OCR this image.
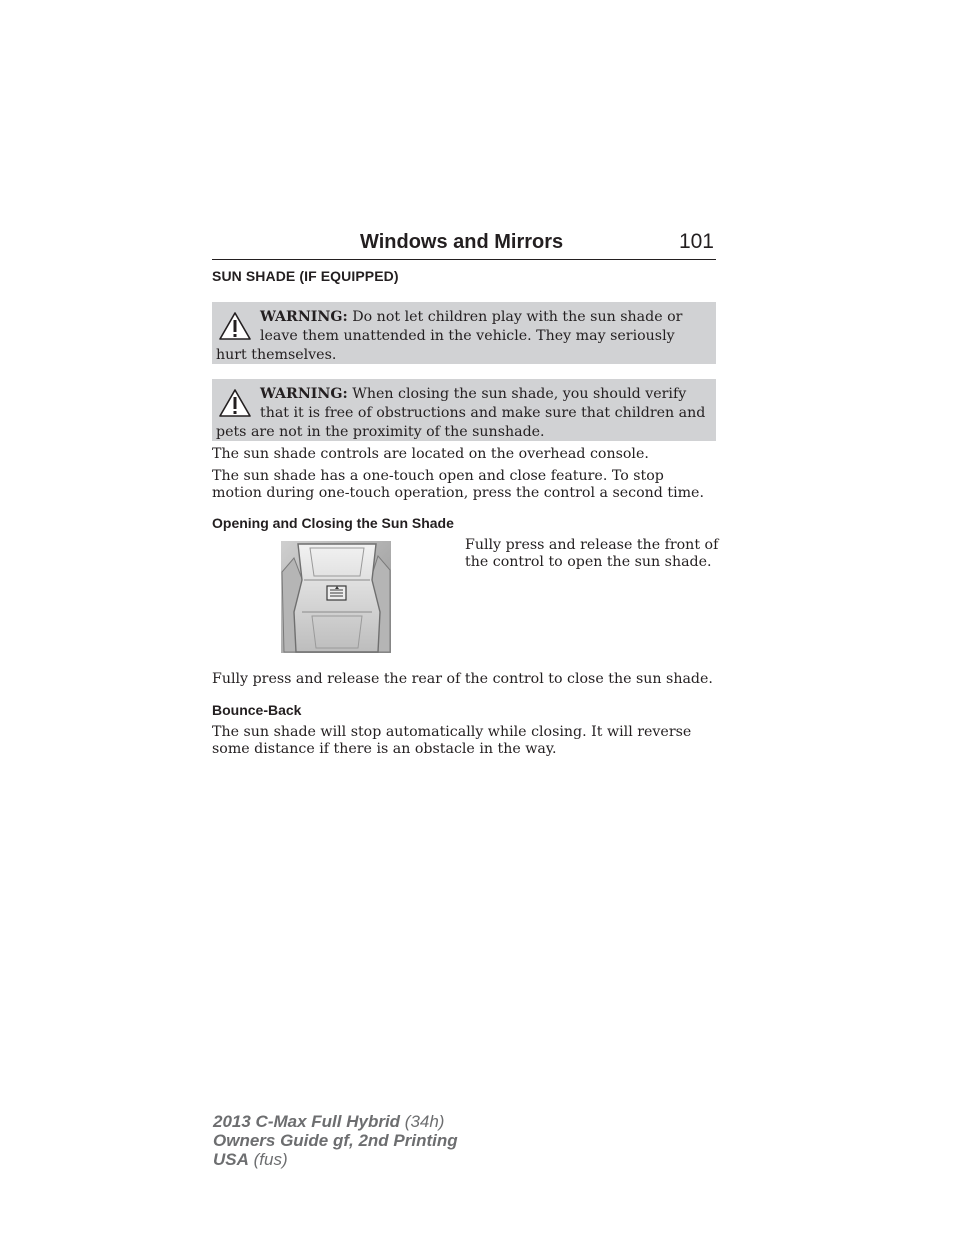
Windows and Mirrors	101
SUN SHADE (IF EQUIPPED)
WARNING: Do not let children play with the sun shade or leave them unattended in the vehicle. They may seriously hurt themselves.
WARNING: When closing the sun shade, you should verify that it is free of obstructions and make sure that children and pets are not in the proximity of the sunshade.
The sun shade controls are located on the overhead console.
The sun shade has a one-touch open and close feature. To stop motion during one-touch operation, press the control a second time.
Opening and Closing the Sun Shade
Fully press and release the front of the control to open the sun shade.
Fully press and release the rear of the control to close the sun shade.
Bounce-Back
The sun shade will stop automatically while closing. It will reverse some distance if there is an obstacle in the way.
2013 C-Max Full Hybrid (34h)
Owners Guide gf, 2nd Printing
USA (fus)
